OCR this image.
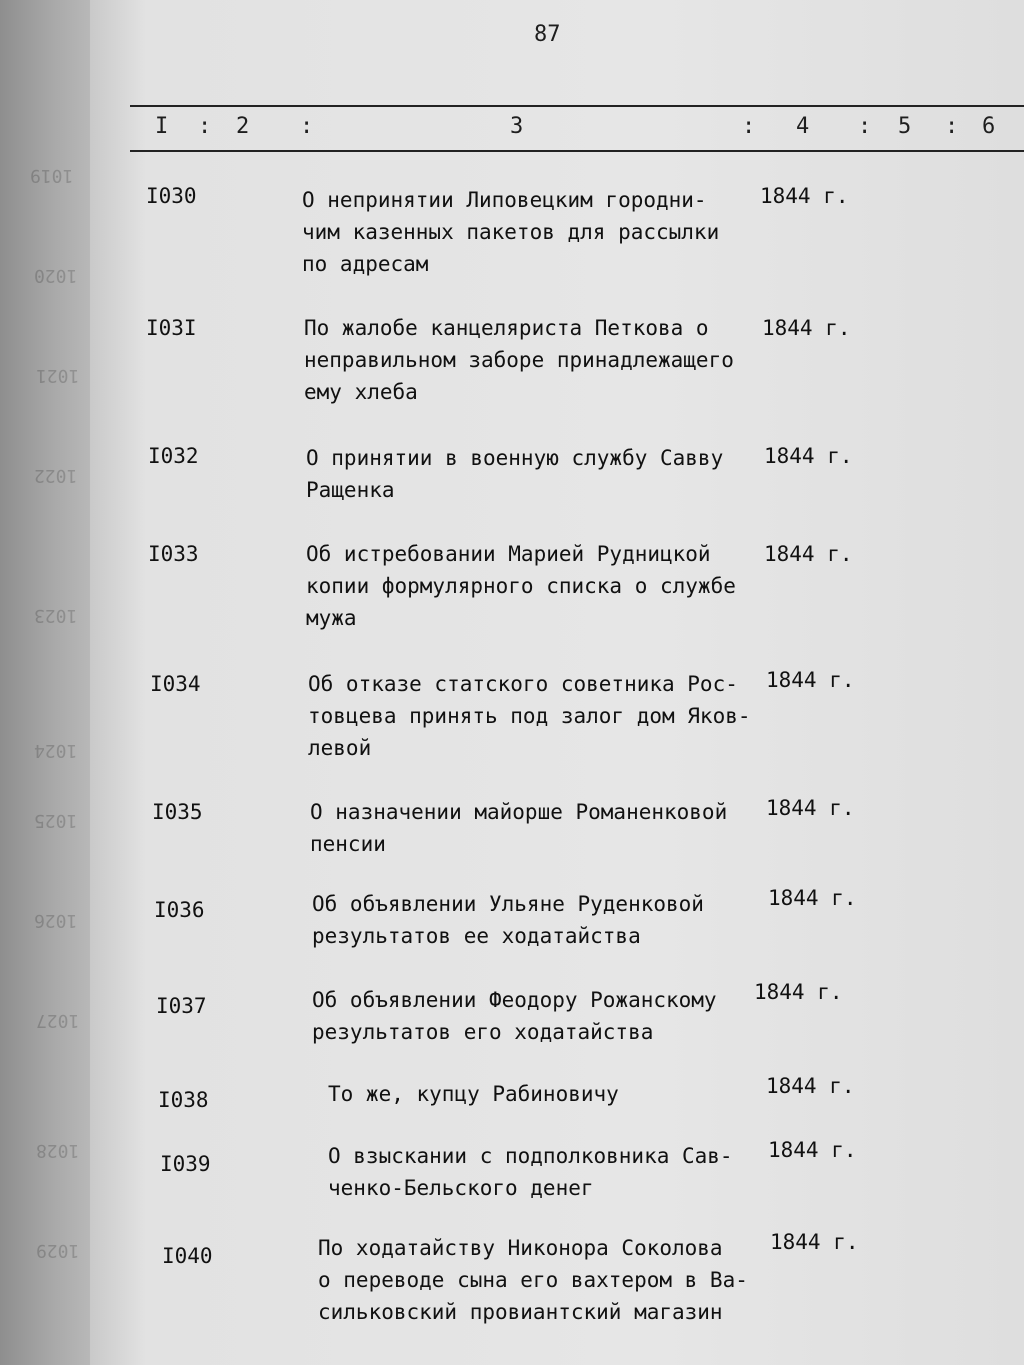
1019
1020
1021
1022
1023
1024
1025
1026
1027
1028
1029
87
I : 2 :	3	: 4 : 5 : 6
I030	О непринятии Липовецким городни-
чим казенных пакетов для рассылки
по адресам
1844 г.
I03I	По жалобе канцеляриста Петкова о
неправильном заборе принадлежащего
ему хлеба
1844 г.
I032	О принятии в военную службу Савву
Ращенка
1844 г.
I033	Об истребовании Марией Рудницкой
копии формулярного списка о службе
мужа
1844 г.
I034	Об отказе статского советника Рос-
товцева принять под залог дом Яков-
левой
1844 г.
I035	О назначении майорше Романенковой
пенсии
1844 г.
I036	Об объявлении Ульяне Руденковой
результатов ее ходатайства
1844 г.
I037	Об объявлении Феодору Рожанскому
результатов его ходатайства
1844 г.
I038	То же, купцу Рабиновичу	1844 г.
I039	О взыскании с подполковника Сав-
ченко-Бельского денег
1844 г.
I040	По ходатайству Никонора Соколова
о переводе сына его вахтером в Ва-
сильковский провиантский магазин
1844 г.
